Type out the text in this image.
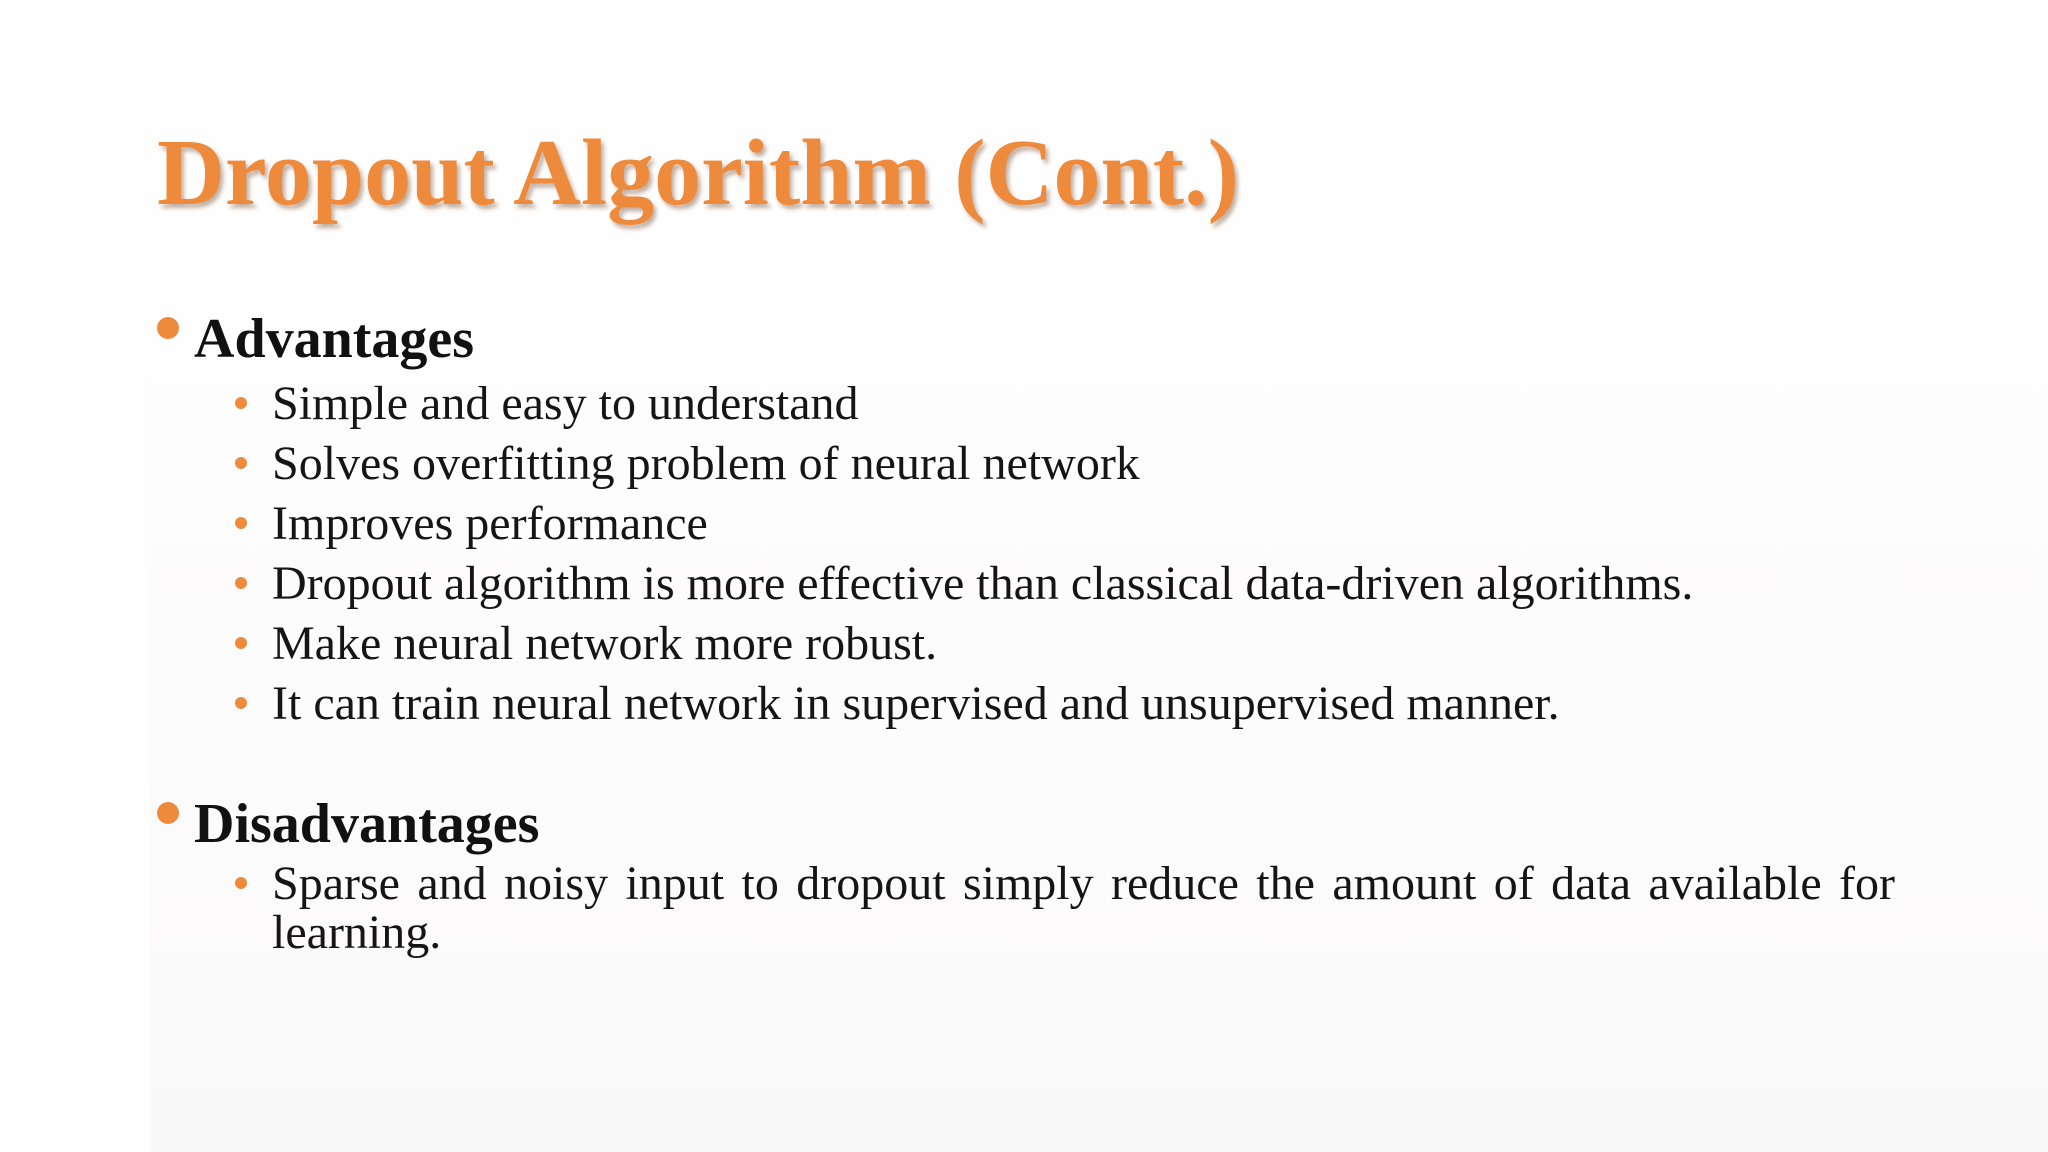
Dropout Algorithm (Cont.)
Advantages
Simple and easy to understand
Solves overfitting problem of neural network
Improves performance
Dropout algorithm is more effective than classical data-driven algorithms.
Make neural network more robust.
It can train neural network in supervised and unsupervised manner.
Disadvantages
Sparse and noisy input to dropout simply reduce the amount of data available for learning.
